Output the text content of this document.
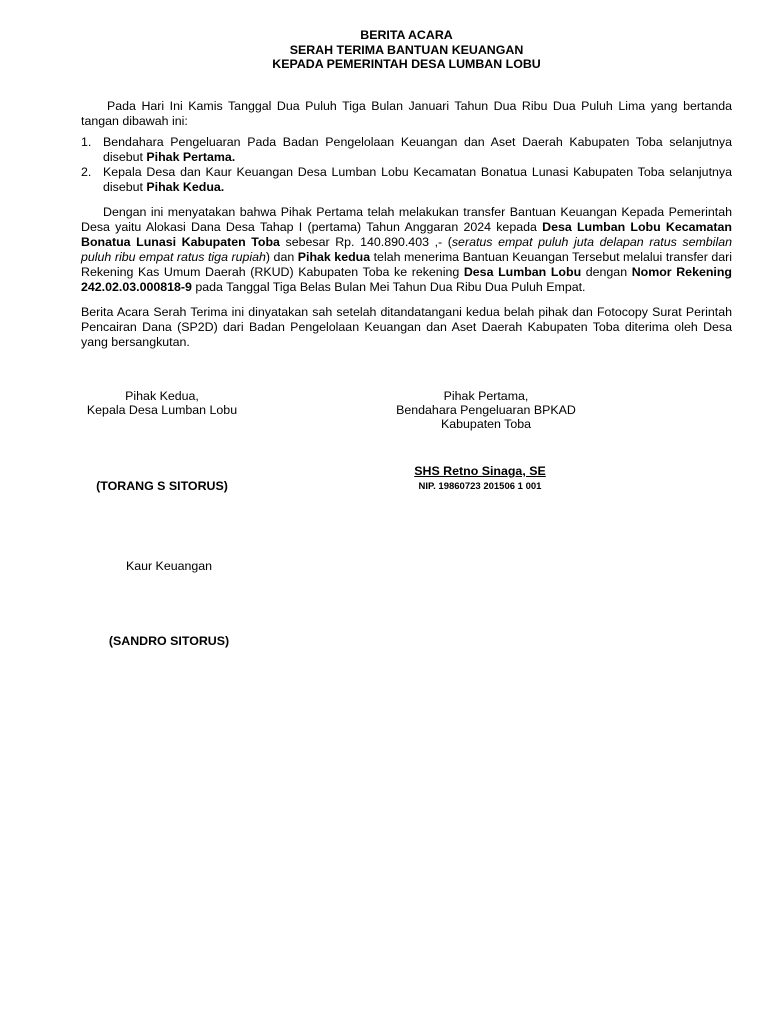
BERITA ACARA
SERAH TERIMA BANTUAN KEUANGAN
KEPADA PEMERINTAH DESA LUMBAN LOBU

Pada Hari Ini Kamis Tanggal Dua Puluh Tiga Bulan Januari Tahun Dua Ribu Dua Puluh Lima yang bertanda tangan dibawah ini:

1. Bendahara Pengeluaran Pada Badan Pengelolaan Keuangan dan Aset Daerah Kabupaten Toba selanjutnya disebut Pihak Pertama.
2. Kepala Desa dan Kaur Keuangan Desa Lumban Lobu Kecamatan Bonatua Lunasi Kabupaten Toba selanjutnya disebut Pihak Kedua.

Dengan ini menyatakan bahwa Pihak Pertama telah melakukan transfer Bantuan Keuangan Kepada Pemerintah Desa yaitu Alokasi Dana Desa Tahap I (pertama) Tahun Anggaran 2024 kepada Desa Lumban Lobu Kecamatan Bonatua Lunasi Kabupaten Toba sebesar Rp. 140.890.403 ,- (seratus empat puluh juta delapan ratus sembilan puluh ribu empat ratus tiga rupiah) dan Pihak kedua telah menerima Bantuan Keuangan Tersebut melalui transfer dari Rekening Kas Umum Daerah (RKUD) Kabupaten Toba ke rekening Desa Lumban Lobu dengan Nomor Rekening 242.02.03.000818-9 pada Tanggal Tiga Belas Bulan Mei Tahun Dua Ribu Dua Puluh Empat.

Berita Acara Serah Terima ini dinyatakan sah setelah ditandatangani kedua belah pihak dan Fotocopy Surat Perintah Pencairan Dana (SP2D) dari Badan Pengelolaan Keuangan dan Aset Daerah Kabupaten Toba diterima oleh Desa yang bersangkutan.

Pihak Kedua,
Kepala Desa Lumban Lobu
Pihak Pertama,
Bendahara Pengeluaran BPKAD
Kabupaten Toba
(TORANG S SITORUS)
SHS Retno Sinaga, SE
NIP. 19860723 201506 1 001
Kaur Keuangan
(SANDRO SITORUS)
